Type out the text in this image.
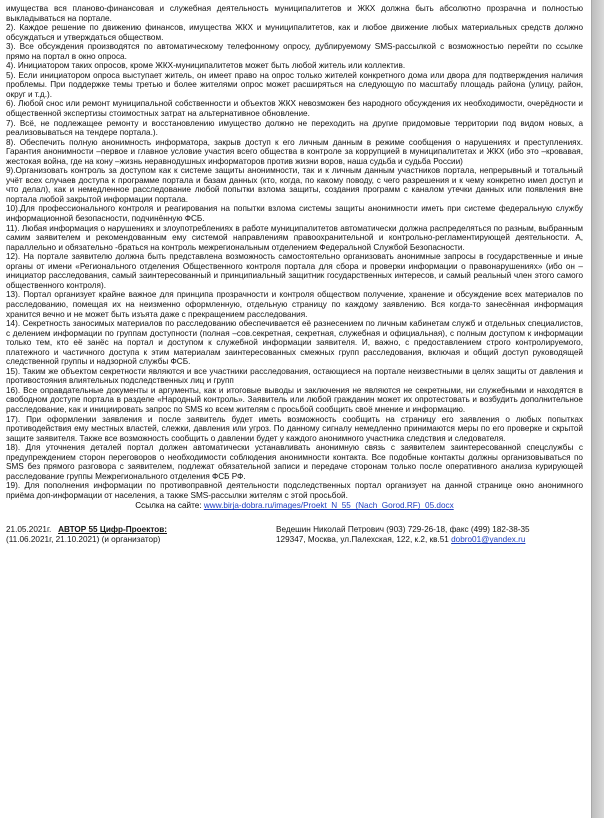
имущества вся планово-финансовая и служебная деятельность муниципалитетов и ЖКХ должна быть абсолютно прозрачна и полностью выкладываться на портале.

2). Каждое решение по движению финансов, имущества ЖКХ и муниципалитетов, как и любое движение любых материальных средств должно обсуждаться и утверждаться обществом.

3). Все обсуждения производятся по автоматическому телефонному опросу, дублируемому SMS-рассылкой с возможностью перейти по ссылке прямо на портал в окно опроса.

4). Инициатором таких опросов, кроме ЖКХ-муниципалитетов может быть любой житель или коллектив.

5). Если инициатором опроса выступает житель, он имеет право на опрос только жителей конкретного дома или двора для подтверждения наличия проблемы. При поддержке темы третью и более жителями опрос может расширяться на следующую по масштабу площадь района (улицу, район, округ и т.д.).

6). Любой снос или ремонт муниципальной собственности и объектов ЖКХ невозможен без народного обсуждения их необходимости, очерёдности и общественной экспертизы стоимостных затрат на альтернативное обновление.

7). Всё, не подлежащее ремонту и восстановлению имущество должно не переходить на другие придомовые территории под видом новых, а реализовываться на тендере портала.).

8). Обеспечить полную анонимность информатора, закрыв доступ к его личным данным в режиме сообщения о нарушениях и преступлениях. Гарантия анонимности –первое и главное условие участия всего общества в контроле за коррупцией в муниципалитетах и ЖКХ (ибо это –кровавая, жестокая война, где на кону –жизнь неравнодушных информаторов против жизни воров, наша судьба и судьба России)

9).Организовать контроль за доступом как к системе защиты анонимности, так и к личным данным участников портала, непрерывный и тотальный учёт всех случаев доступа к программе портала и базам данных (кто, когда, по какому поводу, с чего разрешения и к чему конкретно имел доступ и что делал), как и немедленное расследование любой попытки взлома защиты, создания программ с каналом утечки данных или появления вне портала любой закрытой информации портала.

10).Для профессионального контроля и реагирования на попытки взлома системы защиты анонимности иметь при системе федеральную службу информационной безопасности, подчинённую ФСБ.

11). Любая информация о нарушениях и злоупотреблениях в работе муниципалитетов автоматически должна распределяться по разным, выбранным самим заявителем и рекомендованным ему системой направлениям правоохранительной и контрольно-регламентирующей деятельности. А, параллельно и обязательно -браться на контроль межрегиональным отделением Федеральной Службой Безопасности.

12). На портале заявителю должна быть представлена возможность самостоятельно организовать анонимные запросы в государственные и иные органы от имени «Регионального отделения Общественного контроля портала для сбора и проверки информации о правонарушениях» (ибо он –инициатор расследования, самый заинтересованный и принципиальный защитник государственных интересов, и самый реальный член этого самого общественного контроля).

13). Портал организует крайне важное для принципа прозрачности и контроля обществом получение, хранение и обсуждение всех материалов по расследованию, помещая их на неизменно оформленную, отдельную страницу по каждому заявлению. Вся когда-то занесённая информация хранится вечно и не может быть изъята даже с прекращением расследования.

14). Секретность заносимых материалов по расследованию обеспечивается её разнесением по личным кабинетам служб и отдельных специалистов, с делением информации по группам доступности (полная –сов.секретная, секретная, служебная и официальная), с полным доступом к информации только тем, кто её занёс на портал и доступом к служебной информации заявителя. И, важно, с предоставлением строго контролируемого, платежного и частичного доступа к этим материалам заинтересованных смежных групп расследования, включая и общий доступ руководящей следственной группы и надзорной службы ФСБ.

15). Таким же объектом секретности являются и все участники расследования, остающиеся на портале неизвестными в целях защиты от давления и противостояния влиятельных подследственных лиц и групп

16). Все оправдательные документы и аргументы, как и итоговые выводы и заключения не являются не секретными, ни служебными и находятся в свободном доступе портала в разделе «Народный контроль». Заявитель или любой гражданин может их опротестовать и возбудить дополнительное расследование, как и инициировать запрос по SMS ко всем жителям с просьбой сообщить своё мнение и информацию.

17). При оформлении заявления и после заявитель будет иметь возможность сообщить на страницу его заявления о любых попытках противодействия ему местных властей, слежки, давления или угроз. По данному сигналу немедленно принимаются меры по его проверке и скрытой защите заявителя. Также все возможность сообщить о давлении будет у каждого анонимного участника следствия и следователя.

18). Для уточнения деталей портал должен автоматически устанавливать анонимную связь с заявителем заинтересованной спецслужбы с предупреждением сторон переговоров о необходимости соблюдения анонимности контакта. Все подобные контакты должны организовываться по SMS без прямого разговора с заявителем, подлежат обязательной записи и передаче сторонам только после оперативного анализа курирующей расследование группы Межрегионального отделения ФСБ РФ.

19). Для пополнения информации по противоправной деятельности подследственных портал организует на данной странице окно анонимного приёма доп-информации от населения, а также SMS-рассылки жителям с этой просьбой.

Ссылка на сайте: www.birja-dobra.ru/images/Proekt_N_55_(Nach_Gorod.RF)_05.docx
21.05.2021г. АВТОР 55 Цифр-Проектов:
(11.06.2021г, 21.10.2021) (и организатор)
Ведешин Николай Петрович (903) 729-26-18, факс (499) 182-38-35
129347, Москва, ул.Палехская, 122, к.2, кв.51 dobro01@yandex.ru
